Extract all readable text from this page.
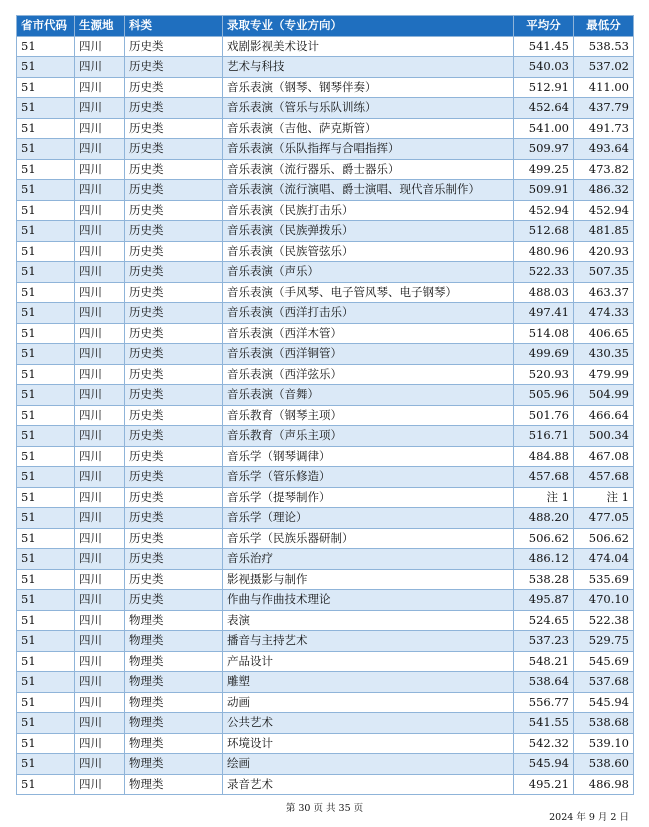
省市代码	生源地	科类	录取专业（专业方向）	平均分	最低分
51	四川	历史类	戏剧影视美术设计	541.45	538.53
51	四川	历史类	艺术与科技	540.03	537.02
51	四川	历史类	音乐表演（钢琴、钢琴伴奏）	512.91	411.00
51	四川	历史类	音乐表演（管乐与乐队训练）	452.64	437.79
51	四川	历史类	音乐表演（吉他、萨克斯管）	541.00	491.73
51	四川	历史类	音乐表演（乐队指挥与合唱指挥）	509.97	493.64
51	四川	历史类	音乐表演（流行器乐、爵士器乐）	499.25	473.82
51	四川	历史类	音乐表演（流行演唱、爵士演唱、现代音乐制作）	509.91	486.32
51	四川	历史类	音乐表演（民族打击乐）	452.94	452.94
51	四川	历史类	音乐表演（民族弹拨乐）	512.68	481.85
51	四川	历史类	音乐表演（民族管弦乐）	480.96	420.93
51	四川	历史类	音乐表演（声乐）	522.33	507.35
51	四川	历史类	音乐表演（手风琴、电子管风琴、电子钢琴）	488.03	463.37
51	四川	历史类	音乐表演（西洋打击乐）	497.41	474.33
51	四川	历史类	音乐表演（西洋木管）	514.08	406.65
51	四川	历史类	音乐表演（西洋铜管）	499.69	430.35
51	四川	历史类	音乐表演（西洋弦乐）	520.93	479.99
51	四川	历史类	音乐表演（音舞）	505.96	504.99
51	四川	历史类	音乐教育（钢琴主项）	501.76	466.64
51	四川	历史类	音乐教育（声乐主项）	516.71	500.34
51	四川	历史类	音乐学（钢琴调律）	484.88	467.08
51	四川	历史类	音乐学（管乐修造）	457.68	457.68
51	四川	历史类	音乐学（提琴制作）	注 1	注 1
51	四川	历史类	音乐学（理论）	488.20	477.05
51	四川	历史类	音乐学（民族乐器研制）	506.62	506.62
51	四川	历史类	音乐治疗	486.12	474.04
51	四川	历史类	影视摄影与制作	538.28	535.69
51	四川	历史类	作曲与作曲技术理论	495.87	470.10
51	四川	物理类	表演	524.65	522.38
51	四川	物理类	播音与主持艺术	537.23	529.75
51	四川	物理类	产品设计	548.21	545.69
51	四川	物理类	雕塑	538.64	537.68
51	四川	物理类	动画	556.77	545.94
51	四川	物理类	公共艺术	541.55	538.68
51	四川	物理类	环境设计	542.32	539.10
51	四川	物理类	绘画	545.94	538.60
51	四川	物理类	录音艺术	495.21	486.98
第 30 页 共 35 页
2024 年 9 月 2 日
